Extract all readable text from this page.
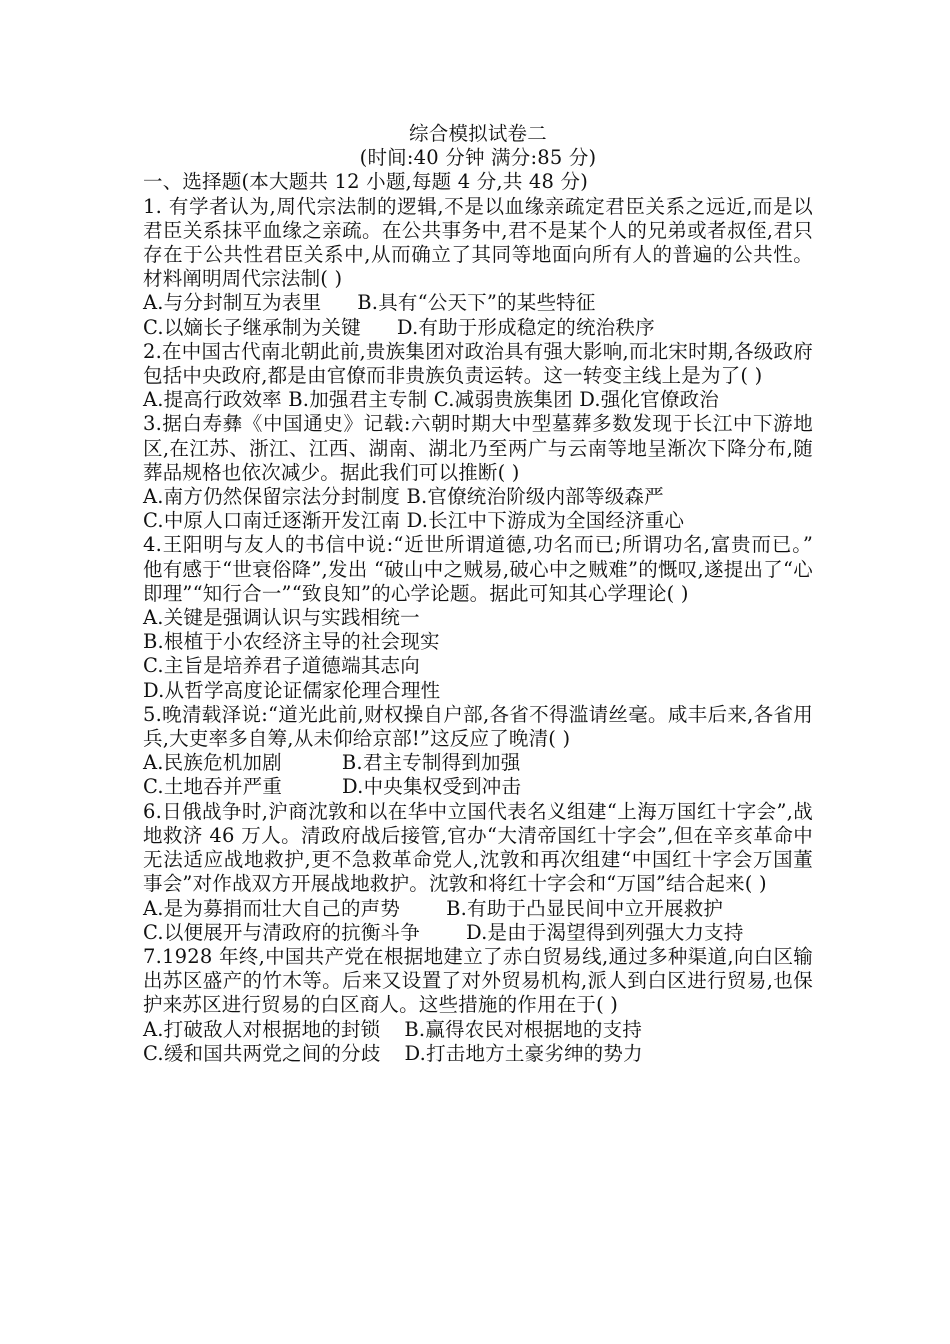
综合模拟试卷二
(时间:40 分钟 满分:85 分)
一、选择题(本大题共 12 小题,每题 4 分,共 48 分)

1. 有学者认为,周代宗法制的逻辑,不是以血缘亲疏定君臣关系之远近,而是以君臣关系抹平血缘之亲疏。在公共事务中,君不是某个人的兄弟或者叔侄,君只存在于公共性君臣关系中,从而确立了其同等地面向所有人的普遍的公共性。材料阐明周代宗法制( )

A.与分封制互为表里 B.具有“公天下”的某些特征
C.以嫡长子继承制为关键 D.有助于形成稳定的统治秩序

2.在中国古代南北朝此前,贵族集团对政治具有强大影响,而北宋时期,各级政府包括中央政府,都是由官僚而非贵族负责运转。这一转变主线上是为了( )

A.提高行政效率 B.加强君主专制 C.减弱贵族集团 D.强化官僚政治

3.据白寿彝《中国通史》记载:六朝时期大中型墓葬多数发现于长江中下游地区,在江苏、浙江、江西、湖南、湖北乃至两广与云南等地呈渐次下降分布,随葬品规格也依次减少。据此我们可以推断( )

A.南方仍然保留宗法分封制度 B.官僚统治阶级内部等级森严
C.中原人口南迁逐渐开发江南 D.长江中下游成为全国经济重心

4.王阳明与友人的书信中说:“近世所谓道德,功名而已;所谓功名,富贵而已。” 他有感于“世衰俗降”,发出 “破山中之贼易,破心中之贼难”的慨叹,遂提出了“心即理”“知行合一”“致良知”的心学论题。据此可知其心学理论( )

A.关键是强调认识与实践相统一
B.根植于小农经济主导的社会现实
C.主旨是培养君子道德端其志向
D.从哲学高度论证儒家伦理合理性

5.晚清载泽说:“道光此前,财权操自户部,各省不得滥请丝毫。咸丰后来,各省用兵,大吏率多自筹,从未仰给京部!”这反应了晚清( )

A.民族危机加剧	B.君主专制得到加强
C.土地吞并严重	D.中央集权受到冲击

6.日俄战争时,沪商沈敦和以在华中立国代表名义组建“上海万国红十字会”,战地救济 46 万人。清政府战后接管,官办“大清帝国红十字会”,但在辛亥革命中无法适应战地救护,更不急救革命党人,沈敦和再次组建“中国红十字会万国董事会”对作战双方开展战地救护。沈敦和将红十字会和“万国”结合起来( )

A.是为募捐而壮大自己的声势 B.有助于凸显民间中立开展救护
C.以便展开与清政府的抗衡斗争 D.是由于渴望得到列强大力支持

7.1928 年终,中国共产党在根据地建立了赤白贸易线,通过多种渠道,向白区输出苏区盛产的竹木等。后来又设置了对外贸易机构,派人到白区进行贸易,也保护来苏区进行贸易的白区商人。这些措施的作用在于( )

A.打破敌人对根据地的封锁 B.赢得农民对根据地的支持
C.缓和国共两党之间的分歧 D.打击地方土豪劣绅的势力
